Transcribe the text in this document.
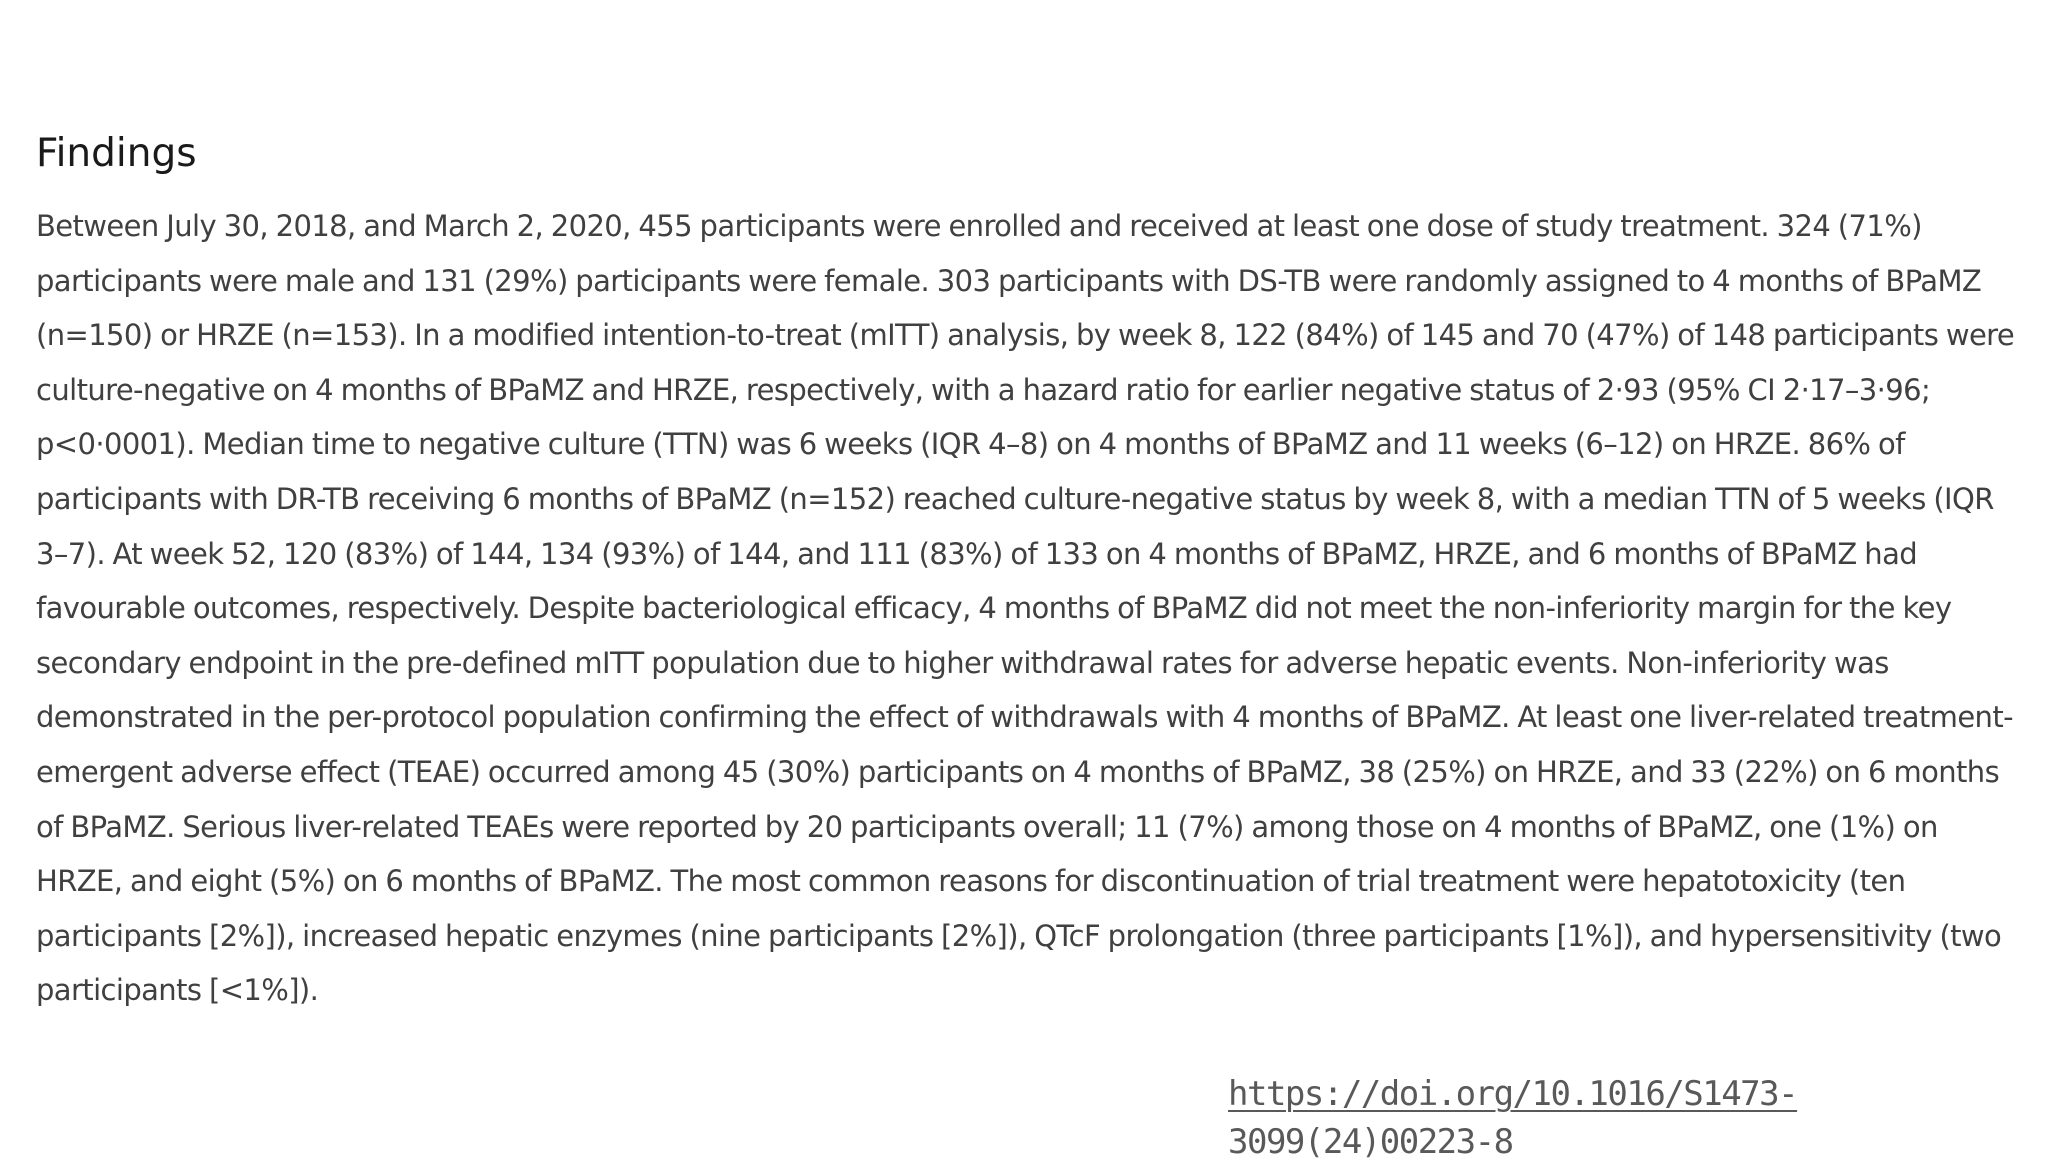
Findings

Between July 30, 2018, and March 2, 2020, 455 participants were enrolled and received at least one dose of study treatment. 324 (71%) participants were male and 131 (29%) participants were female. 303 participants with DS-TB were randomly assigned to 4 months of BPaMZ (n=150) or HRZE (n=153). In a modified intention-to-treat (mITT) analysis, by week 8, 122 (84%) of 145 and 70 (47%) of 148 participants were culture-negative on 4 months of BPaMZ and HRZE, respectively, with a hazard ratio for earlier negative status of 2·93 (95% CI 2·17–3·96; p<0·0001). Median time to negative culture (TTN) was 6 weeks (IQR 4–8) on 4 months of BPaMZ and 11 weeks (6–12) on HRZE. 86% of participants with DR-TB receiving 6 months of BPaMZ (n=152) reached culture-negative status by week 8, with a median TTN of 5 weeks (IQR 3–7). At week 52, 120 (83%) of 144, 134 (93%) of 144, and 111 (83%) of 133 on 4 months of BPaMZ, HRZE, and 6 months of BPaMZ had favourable outcomes, respectively. Despite bacteriological efficacy, 4 months of BPaMZ did not meet the non-inferiority margin for the key secondary endpoint in the pre-defined mITT population due to higher withdrawal rates for adverse hepatic events. Non-inferiority was demonstrated in the per-protocol population confirming the effect of withdrawals with 4 months of BPaMZ. At least one liver-related treatment-emergent adverse effect (TEAE) occurred among 45 (30%) participants on 4 months of BPaMZ, 38 (25%) on HRZE, and 33 (22%) on 6 months of BPaMZ. Serious liver-related TEAEs were reported by 20 participants overall; 11 (7%) among those on 4 months of BPaMZ, one (1%) on HRZE, and eight (5%) on 6 months of BPaMZ. The most common reasons for discontinuation of trial treatment were hepatotoxicity (ten participants [2%]), increased hepatic enzymes (nine participants [2%]), QTcF prolongation (three participants [1%]), and hypersensitivity (two participants [<1%]).

https://doi.org/10.1016/S1473-
3099(24)00223-8
